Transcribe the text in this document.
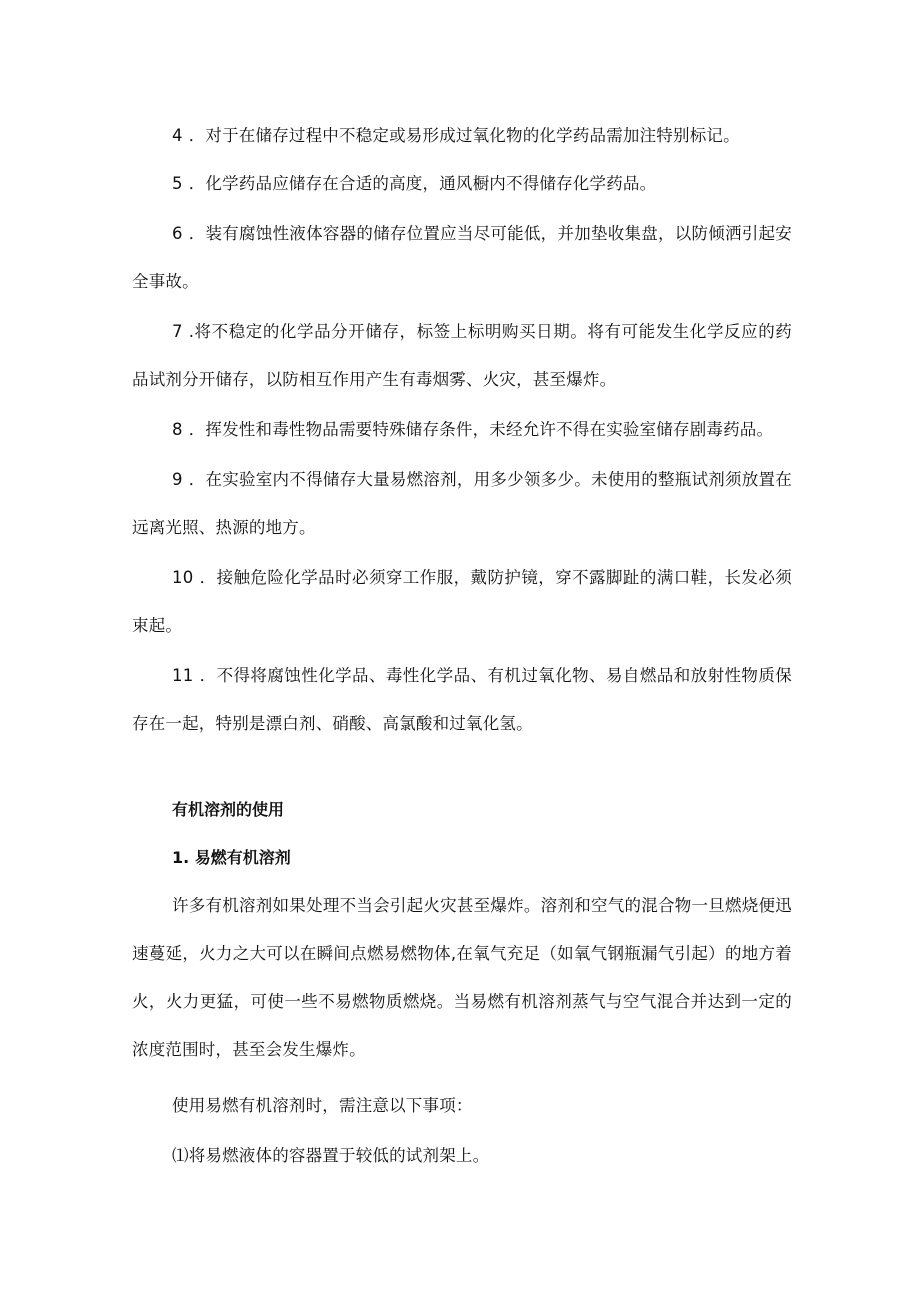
4 ．对于在储存过程中不稳定或易形成过氧化物的化学药品需加注特别标记。

5 ．化学药品应储存在合适的高度，通风橱内不得储存化学药品。

6 ．装有腐蚀性液体容器的储存位置应当尽可能低，并加垫收集盘，以防倾洒引起安全事故。

7 .将不稳定的化学品分开储存，标签上标明购买日期。将有可能发生化学反应的药品试剂分开储存，以防相互作用产生有毒烟雾、火灾，甚至爆炸。

8 ．挥发性和毒性物品需要特殊储存条件，未经允许不得在实验室储存剧毒药品。

9 ．在实验室内不得储存大量易燃溶剂，用多少领多少。未使用的整瓶试剂须放置在远离光照、热源的地方。

10 ．接触危险化学品时必须穿工作服，戴防护镜，穿不露脚趾的满口鞋，长发必须束起。

11 ．不得将腐蚀性化学品、毒性化学品、有机过氧化物、易自燃品和放射性物质保存在一起，特别是漂白剂、硝酸、高氯酸和过氧化氢。

有机溶剂的使用
1. 易燃有机溶剂

许多有机溶剂如果处理不当会引起火灾甚至爆炸。溶剂和空气的混合物一旦燃烧便迅速蔓延，火力之大可以在瞬间点燃易燃物体,在氧气充足（如氧气钢瓶漏气引起）的地方着火，火力更猛，可使一些不易燃物质燃烧。当易燃有机溶剂蒸气与空气混合并达到一定的浓度范围时，甚至会发生爆炸。

使用易燃有机溶剂时，需注意以下事项：

⑴将易燃液体的容器置于较低的试剂架上。
